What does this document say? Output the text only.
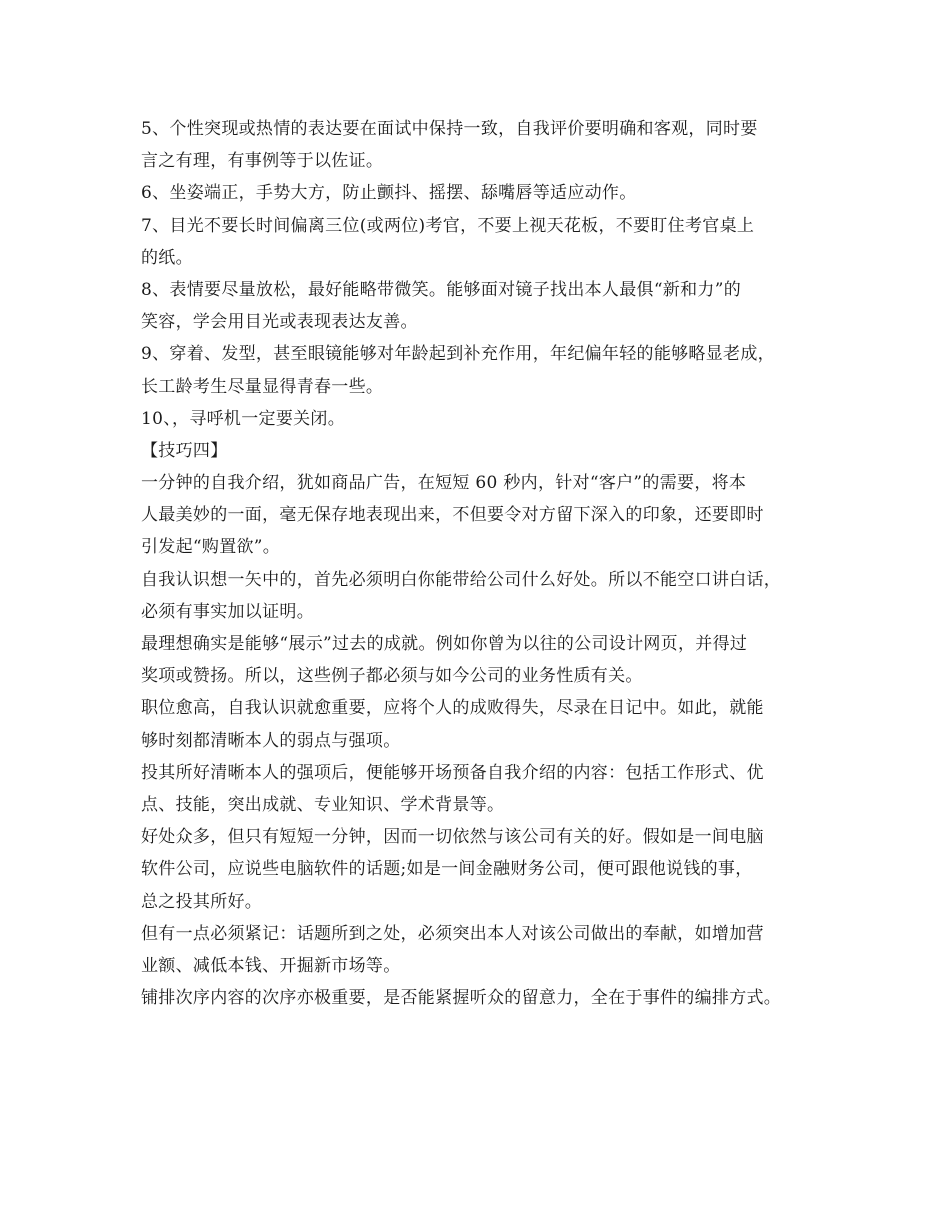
5、个性突现或热情的表达要在面试中保持一致，自我评价要明确和客观，同时要
言之有理，有事例等于以佐证。
6、坐姿端正，手势大方，防止颤抖、摇摆、舔嘴唇等适应动作。
7、目光不要长时间偏离三位(或两位)考官，不要上视天花板，不要盯住考官桌上
的纸。
8、表情要尽量放松，最好能略带微笑。能够面对镜子找出本人最俱“新和力”的
笑容，学会用目光或表现表达友善。
9、穿着、发型，甚至眼镜能够对年龄起到补充作用，年纪偏年轻的能够略显老成，
长工龄考生尽量显得青春一些。
10、，寻呼机一定要关闭。
【技巧四】
一分钟的自我介绍，犹如商品广告，在短短 60 秒内，针对“客户”的需要，将本
人最美妙的一面，毫无保存地表现出来，不但要令对方留下深入的印象，还要即时
引发起“购置欲”。
自我认识想一矢中的，首先必须明白你能带给公司什么好处。所以不能空口讲白话，
必须有事实加以证明。
最理想确实是能够“展示”过去的成就。例如你曾为以往的公司设计网页，并得过
奖项或赞扬。所以，这些例子都必须与如今公司的业务性质有关。
职位愈高，自我认识就愈重要，应将个人的成败得失，尽录在日记中。如此，就能
够时刻都清晰本人的弱点与强项。
投其所好清晰本人的强项后，便能够开场预备自我介绍的内容：包括工作形式、优
点、技能，突出成就、专业知识、学术背景等。
好处众多，但只有短短一分钟，因而一切依然与该公司有关的好。假如是一间电脑
软件公司，应说些电脑软件的话题;如是一间金融财务公司，便可跟他说钱的事，
总之投其所好。
但有一点必须紧记：话题所到之处，必须突出本人对该公司做出的奉献，如增加营
业额、减低本钱、开掘新市场等。
铺排次序内容的次序亦极重要，是否能紧握听众的留意力，全在于事件的编排方式。
